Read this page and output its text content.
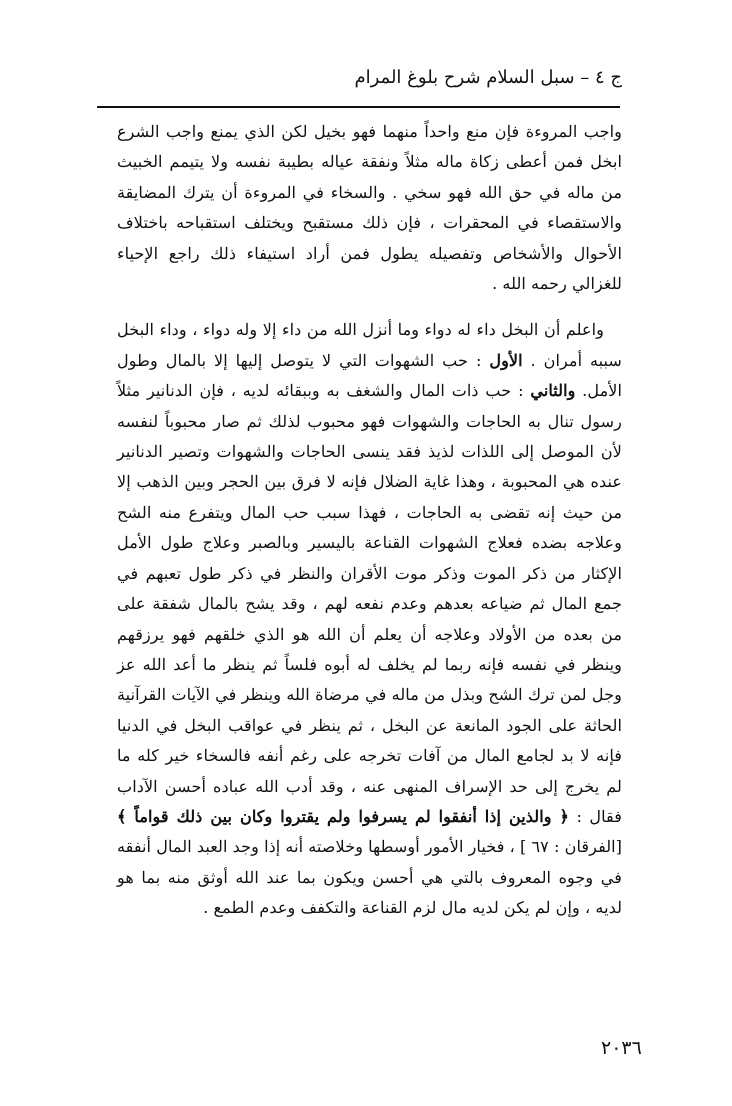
ج ٤ – سبل السلام شرح بلوغ المرام

واجب المروءة فإن منع واحداً منهما فهو بخيل لكن الذي يمنع واجب الشرع ابخل فمن أعطى زكاة ماله مثلاً ونفقة عياله بطيبة نفسه ولا يتيمم الخبيث من ماله في حق الله فهو سخي . والسخاء في المروءة أن يترك المضايقة والاستقصاء في المحقرات ، فإن ذلك مستقبح ويختلف استقباحه باختلاف الأحوال والأشخاص وتفصيله يطول فمن أراد استيفاء ذلك راجع الإحياء للغزالي رحمه الله .

واعلم أن البخل داء له دواء وما أنزل الله من داء إلا وله دواء ، وداء البخل سببه أمران . الأول : حب الشهوات التي لا يتوصل إليها إلا بالمال وطول الأمل. والثاني : حب ذات المال والشغف به وببقائه لديه ، فإن الدنانير مثلاً رسول تنال به الحاجات والشهوات فهو محبوب لذلك ثم صار محبوباً لنفسه لأن الموصل إلى اللذات لذيذ فقد ينسى الحاجات والشهوات وتصير الدنانير عنده هي المحبوبة ، وهذا غاية الضلال فإنه لا فرق بين الحجر وبين الذهب إلا من حيث إنه تقضى به الحاجات ، فهذا سبب حب المال ويتفرع منه الشح وعلاجه بضده فعلاج الشهوات القناعة باليسير وبالصبر وعلاج طول الأمل الإكثار من ذكر الموت وذكر موت الأقران والنظر في ذكر طول تعبهم في جمع المال ثم ضياعه بعدهم وعدم نفعه لهم ، وقد يشح بالمال شفقة على من بعده من الأولاد وعلاجه أن يعلم أن الله هو الذي خلقهم فهو يرزقهم وينظر في نفسه فإنه ربما لم يخلف له أبوه فلساً ثم ينظر ما أعد الله عز وجل لمن ترك الشح وبذل من ماله في مرضاة الله وينظر في الآيات القرآنية الحاثة على الجود المانعة عن البخل ، ثم ينظر في عواقب البخل في الدنيا فإنه لا بد لجامع المال من آفات تخرجه على رغم أنفه فالسخاء خير كله ما لم يخرج إلى حد الإسراف المنهى عنه ، وقد أدب الله عباده أحسن الآداب فقال : ﴿ والذين إذا أنفقوا لم يسرفوا ولم يقتروا وكان بين ذلك قواماً ﴾ [الفرقان : ٦٧ ] ، فخيار الأمور أوسطها وخلاصته أنه إذا وجد العبد المال أنفقه في وجوه المعروف بالتي هي أحسن ويكون بما عند الله أوثق منه بما هو لديه ، وإن لم يكن لديه مال لزم القناعة والتكفف وعدم الطمع .

٢٠٣٦
